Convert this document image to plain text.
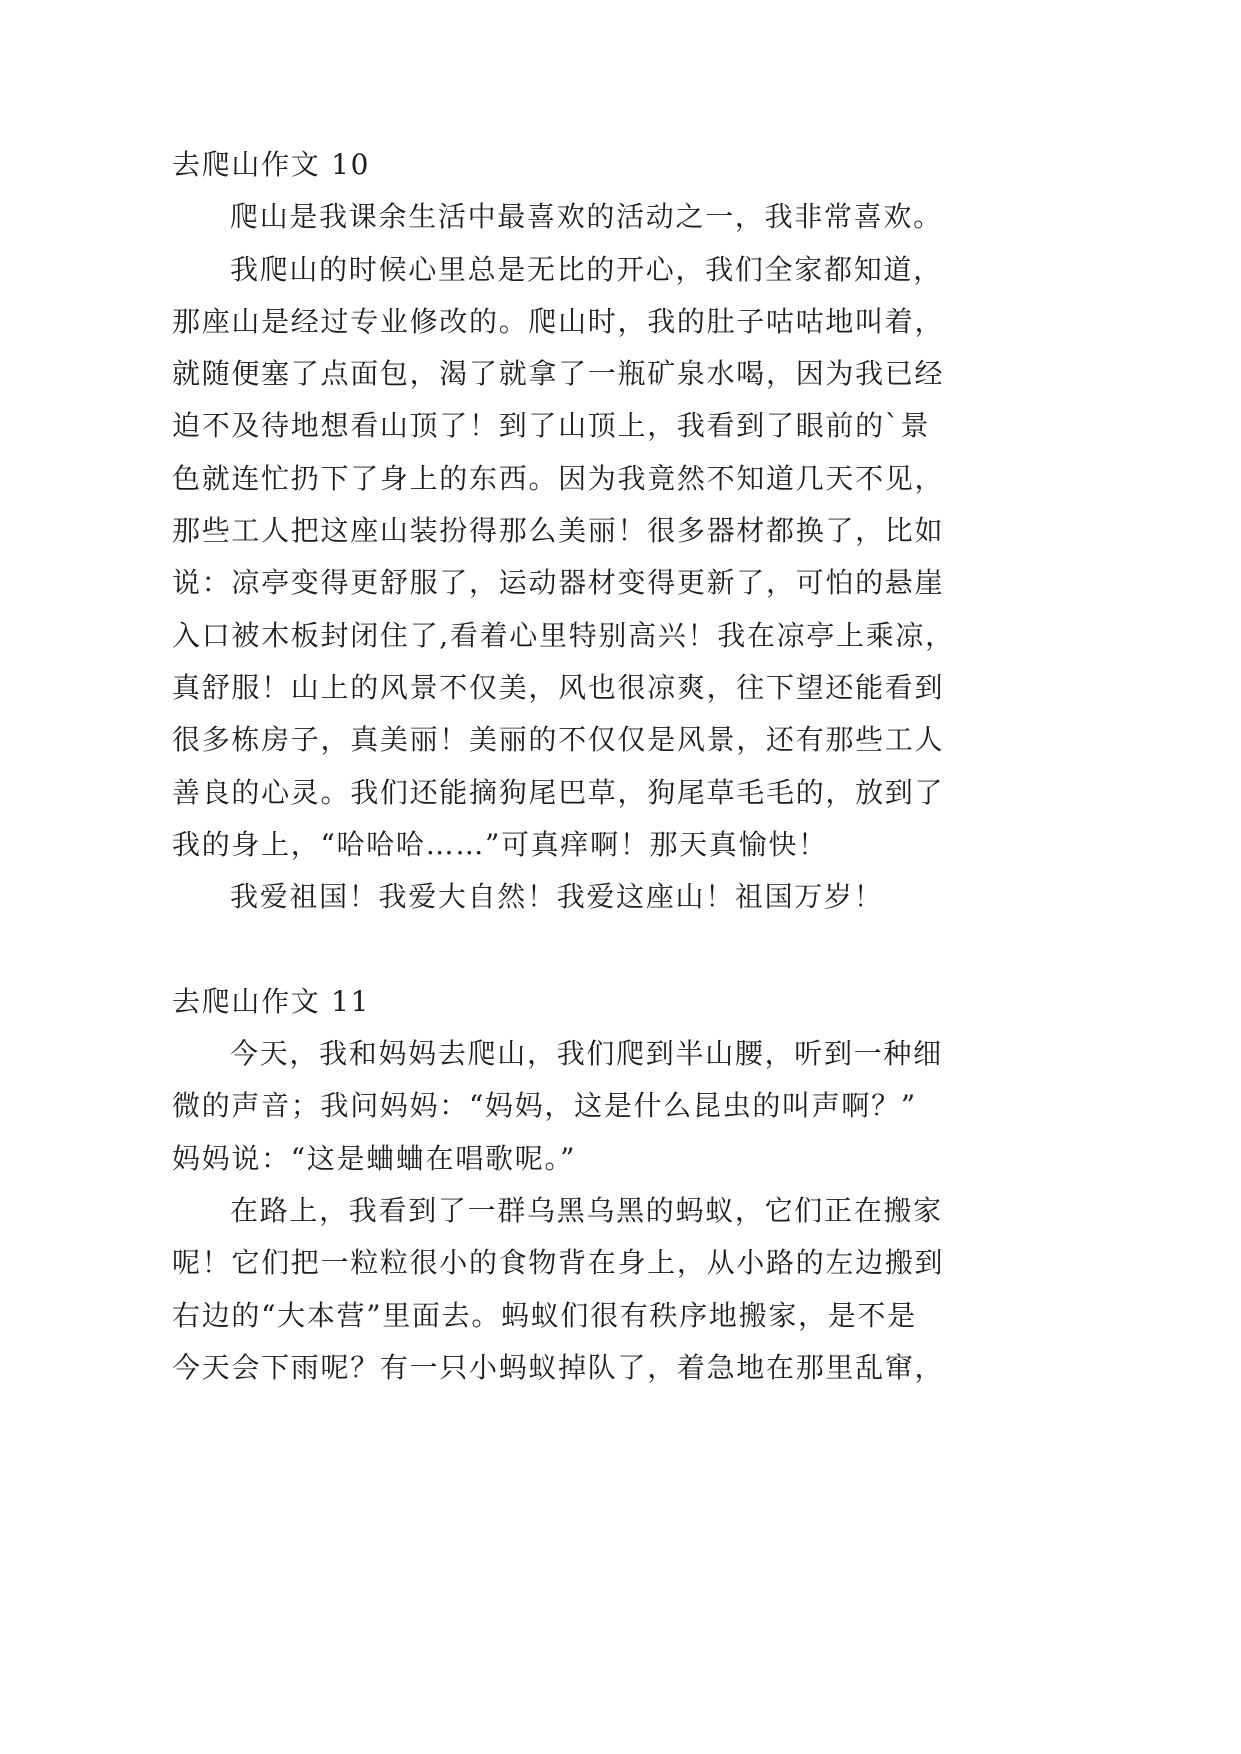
去爬山作文 10
爬山是我课余生活中最喜欢的活动之一，我非常喜欢。
我爬山的时候心里总是无比的开心，我们全家都知道，
那座山是经过专业修改的。爬山时，我的肚子咕咕地叫着，
就随便塞了点面包，渴了就拿了一瓶矿泉水喝，因为我已经
迫不及待地想看山顶了！到了山顶上，我看到了眼前的`景
色就连忙扔下了身上的东西。因为我竟然不知道几天不见，
那些工人把这座山装扮得那么美丽！很多器材都换了，比如
说：凉亭变得更舒服了，运动器材变得更新了，可怕的悬崖
入口被木板封闭住了,看着心里特别高兴！我在凉亭上乘凉，
真舒服！山上的风景不仅美，风也很凉爽，往下望还能看到
很多栋房子，真美丽！美丽的不仅仅是风景，还有那些工人
善良的心灵。我们还能摘狗尾巴草，狗尾草毛毛的，放到了
我的身上，“哈哈哈……”可真痒啊！那天真愉快！
我爱祖国！我爱大自然！我爱这座山！祖国万岁！
去爬山作文 11
今天，我和妈妈去爬山，我们爬到半山腰，听到一种细
微的声音；我问妈妈：“妈妈，这是什么昆虫的叫声啊？”
妈妈说：“这是蛐蛐在唱歌呢。”
在路上，我看到了一群乌黑乌黑的蚂蚁，它们正在搬家
呢！它们把一粒粒很小的食物背在身上，从小路的左边搬到
右边的“大本营”里面去。蚂蚁们很有秩序地搬家，是不是
今天会下雨呢？有一只小蚂蚁掉队了，着急地在那里乱窜，
